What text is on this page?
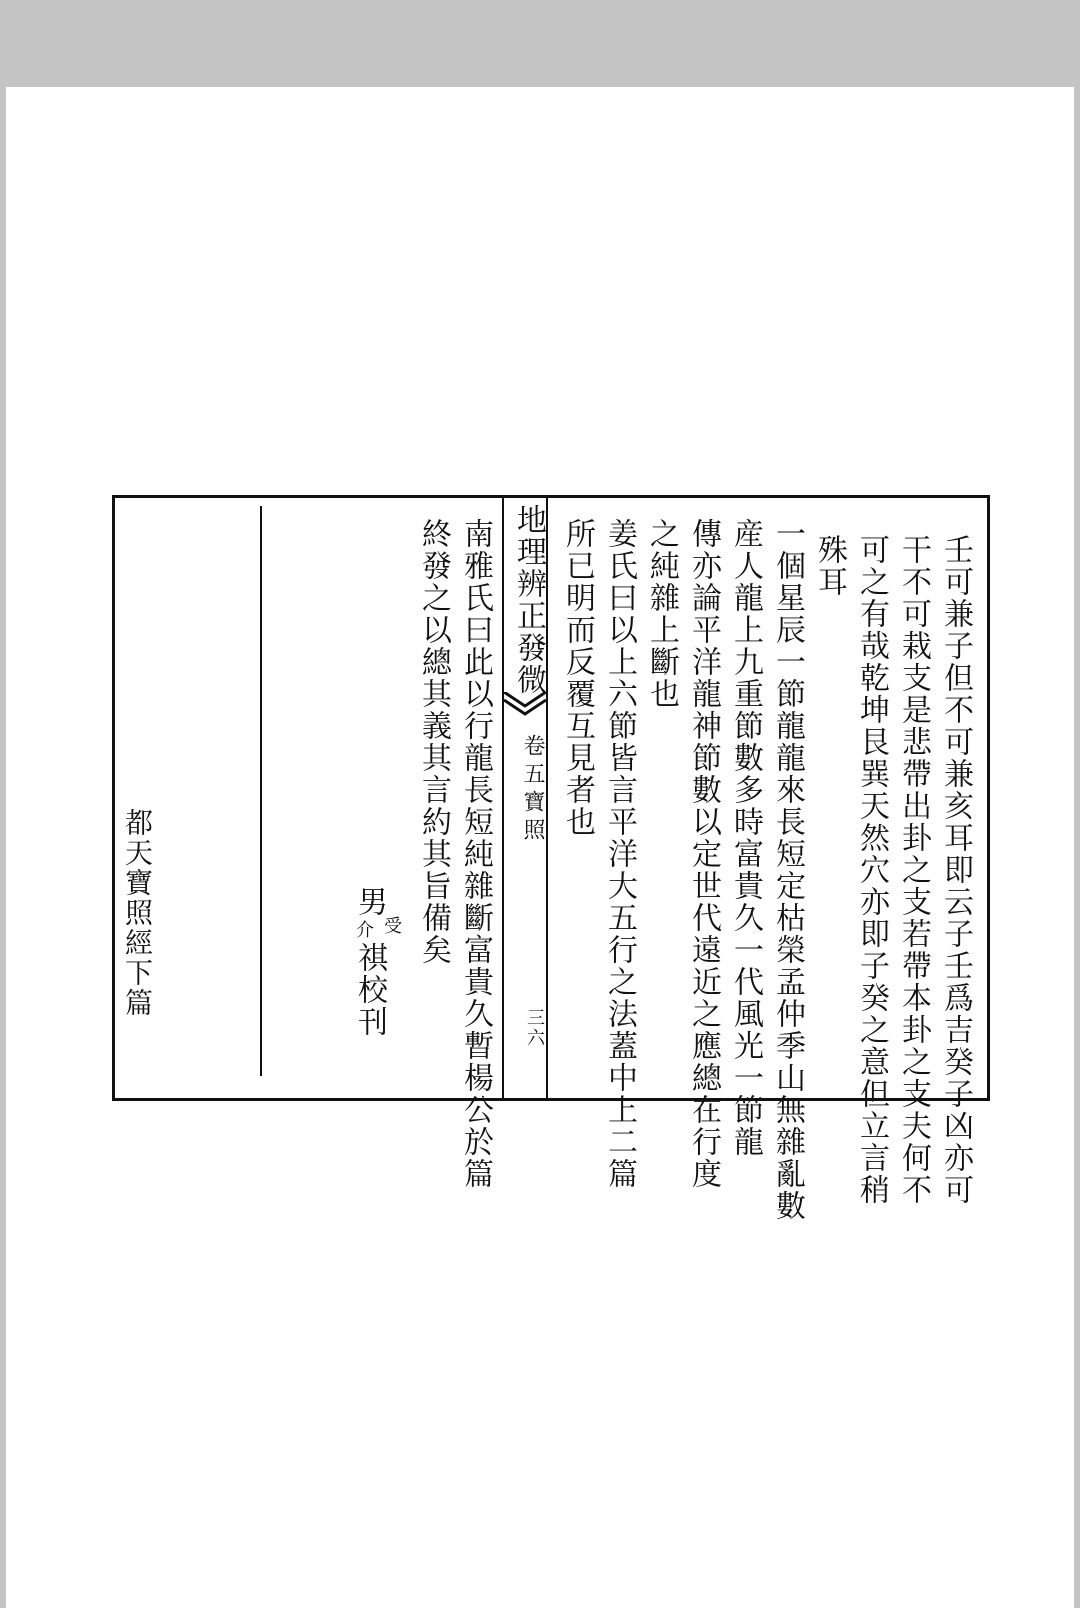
壬可兼子但不可兼亥耳即云子壬爲吉癸子凶亦可
干不可栽支是悲帶出卦之支若帶本卦之支夫何不
可之有哉乾坤艮巽天然穴亦即子癸之意但立言稍
殊耳
一個星辰一節龍龍來長短定枯榮孟仲季山無雜亂數
産人龍上九重節數多時富貴久一代風光一節龍
傳亦論平洋龍神節數以定世代遠近之應總在行度
之純雜上斷也
姜氏曰以上六節皆言平洋大五行之法蓋中上二篇
所已明而反覆互見者也
地理辨正發微
卷五寶照
三六
南雅氏曰此以行龍長短純雜斷富貴久暫楊公於篇
終發之以總其義其言約其旨備矣
男
受
介
祺校刊
都天寶照經下篇
